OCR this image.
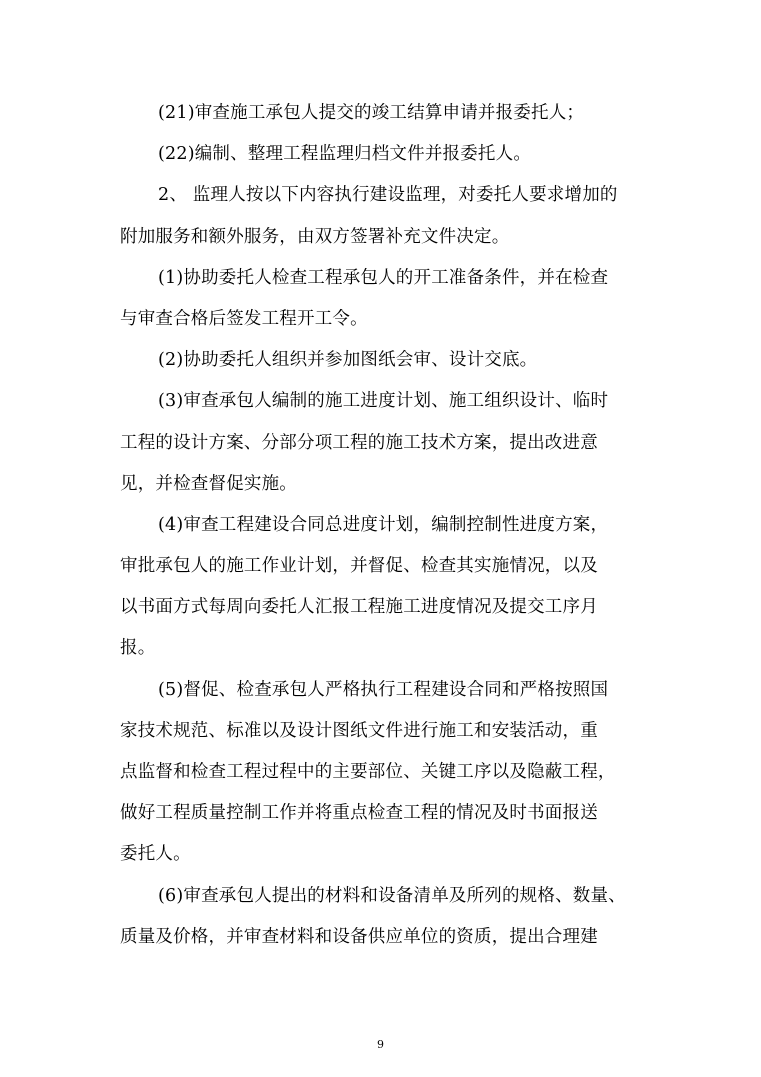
(21)审查施工承包人提交的竣工结算申请并报委托人；
(22)编制、整理工程监理归档文件并报委托人。
2、 监理人按以下内容执行建设监理，对委托人要求增加的
附加服务和额外服务，由双方签署补充文件决定。
(1)协助委托人检查工程承包人的开工准备条件，并在检查
与审查合格后签发工程开工令。
(2)协助委托人组织并参加图纸会审、设计交底。
(3)审查承包人编制的施工进度计划、施工组织设计、临时
工程的设计方案、分部分项工程的施工技术方案，提出改进意
见，并检查督促实施。
(4)审查工程建设合同总进度计划，编制控制性进度方案，
审批承包人的施工作业计划，并督促、检查其实施情况，以及
以书面方式每周向委托人汇报工程施工进度情况及提交工序月
报。
(5)督促、检查承包人严格执行工程建设合同和严格按照国
家技术规范、标准以及设计图纸文件进行施工和安装活动，重
点监督和检查工程过程中的主要部位、关键工序以及隐蔽工程，
做好工程质量控制工作并将重点检查工程的情况及时书面报送
委托人。
(6)审查承包人提出的材料和设备清单及所列的规格、数量、
质量及价格，并审查材料和设备供应单位的资质，提出合理建
9
